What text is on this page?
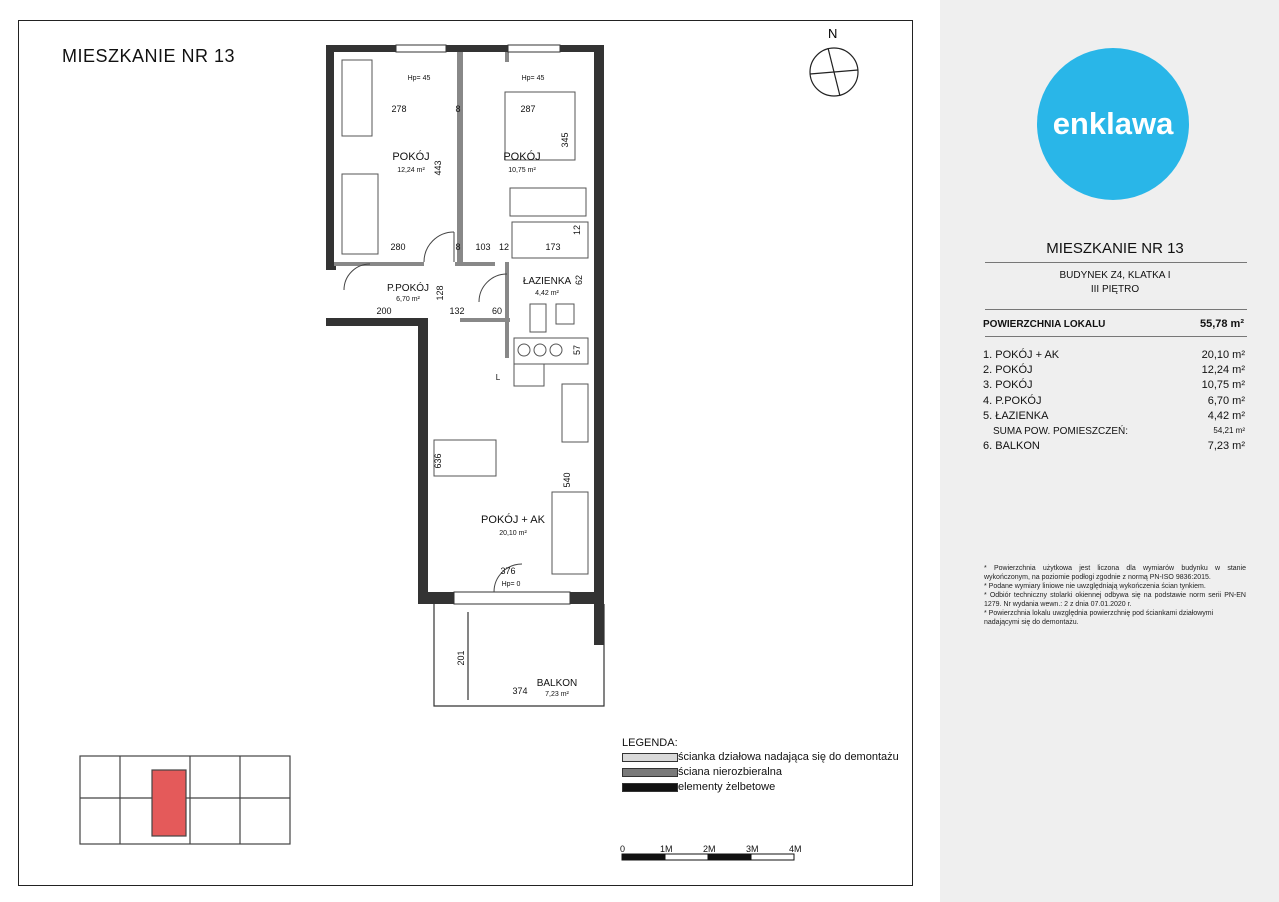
MIESZKANIE NR 13
POKÓJ
12,24 m²
POKÓJ
10,75 m²
P.POKÓJ
6,70 m²
ŁAZIENKA
4,42 m²
POKÓJ + AK
20,10 m²
BALKON
7,23 m²
L
Hp= 45	Hp= 45
Hp= 0
278	8	287
443
345
280	8 103 12	173
12
62
128
200	132	60
57
636
540
376
201
374
N
LEGENDA:
ścianka działowa nadająca się do demontażu
ściana nierozbieralna
elementy żelbetowe
0	1M	2M	3M	4M
enklawa
MIESZKANIE NR 13
BUDYNEK Z4, KLATKA I
III PIĘTRO
POWIERZCHNIA LOKALU	55,78 m²
1. POKÓJ + AK	20,10 m²
2. POKÓJ	12,24 m²
3. POKÓJ	10,75 m²
4. P.POKÓJ	6,70 m²
5. ŁAZIENKA	4,42 m²
SUMA POW. POMIESZCZEŃ:	54,21 m²
6. BALKON	7,23 m²

* Powierzchnia użytkowa jest liczona dla wymiarów budynku w stanie wykończonym, na poziomie podłogi zgodnie z normą PN-ISO 9836:2015.

* Podane wymiary liniowe nie uwzględniają wykończenia ścian tynkiem.

* Odbiór techniczny stolarki okiennej odbywa się na podstawie norm serii PN-EN 1279. Nr wydania wewn.: 2 z dnia 07.01.2020 r.

* Powierzchnia lokalu uwzględnia powierzchnię pod ściankami działowymi nadającymi się do demontażu.
